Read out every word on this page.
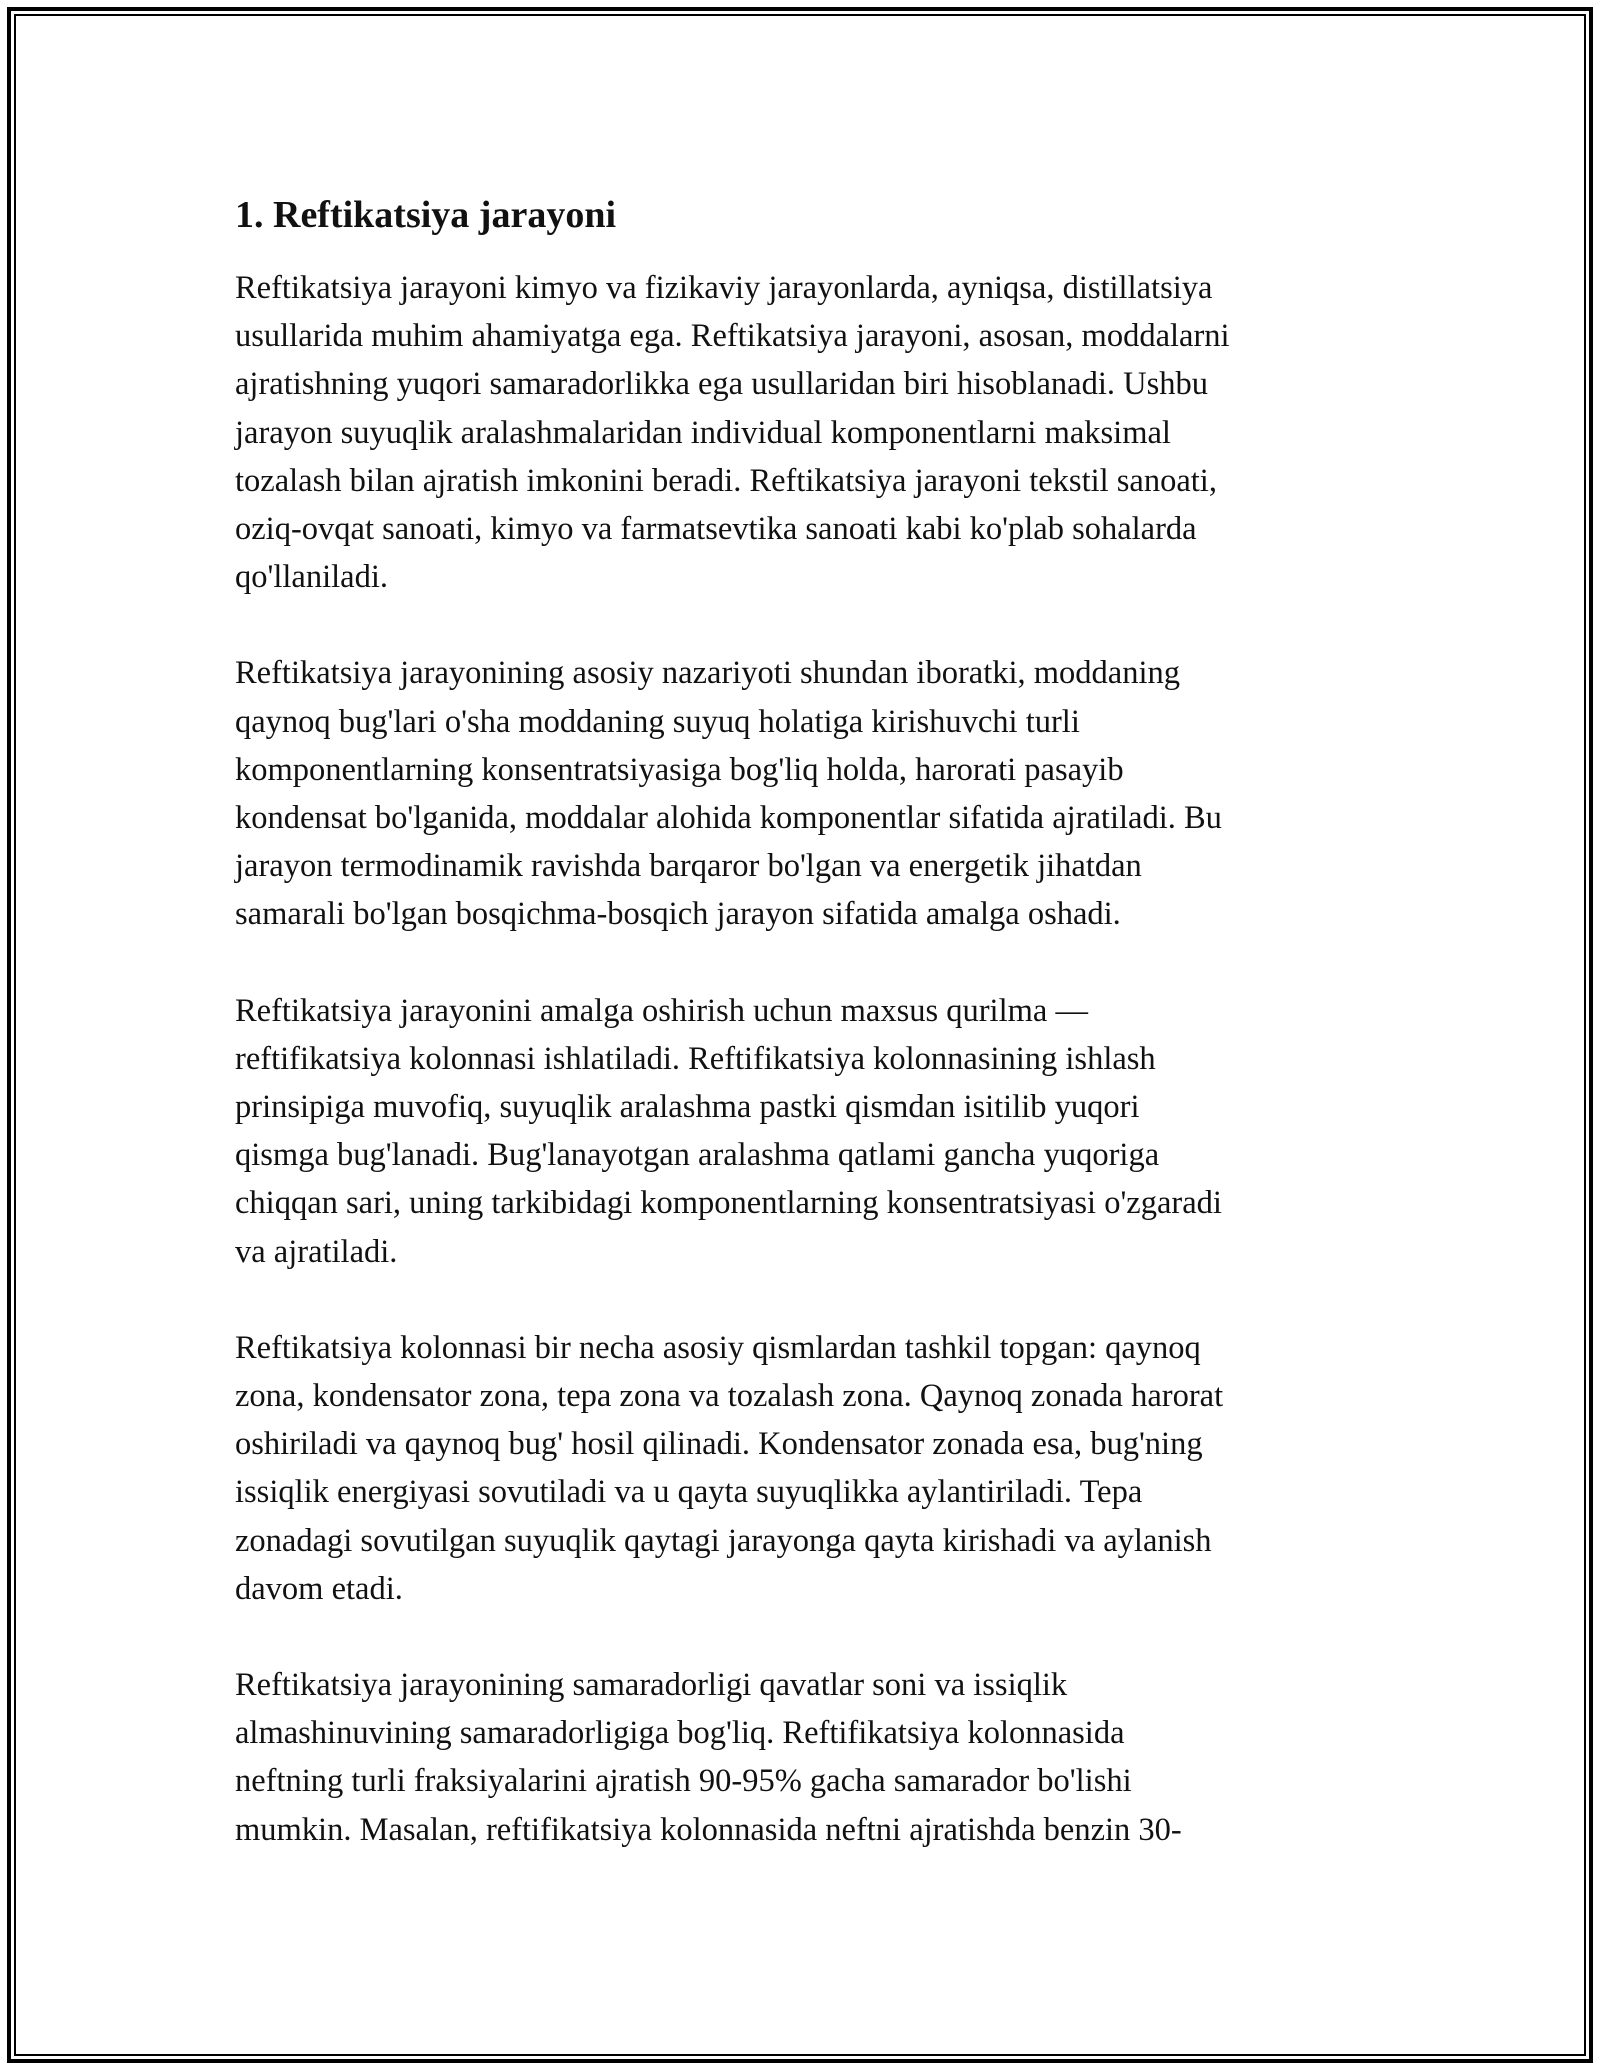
1. Reftikatsiya jarayoni

Reftikatsiya jarayoni kimyo va fizikaviy jarayonlarda, ayniqsa, distillatsiya
usullarida muhim ahamiyatga ega. Reftikatsiya jarayoni, asosan, moddalarni
ajratishning yuqori samaradorlikka ega usullaridan biri hisoblanadi. Ushbu
jarayon suyuqlik aralashmalaridan individual komponentlarni maksimal
tozalash bilan ajratish imkonini beradi. Reftikatsiya jarayoni tekstil sanoati,
oziq-ovqat sanoati, kimyo va farmatsevtika sanoati kabi ko'plab sohalarda
qo'llaniladi.

Reftikatsiya jarayonining asosiy nazariyoti shundan iboratki, moddaning
qaynoq bug'lari o'sha moddaning suyuq holatiga kirishuvchi turli
komponentlarning konsentratsiyasiga bog'liq holda, harorati pasayib
kondensat bo'lganida, moddalar alohida komponentlar sifatida ajratiladi. Bu
jarayon termodinamik ravishda barqaror bo'lgan va energetik jihatdan
samarali bo'lgan bosqichma-bosqich jarayon sifatida amalga oshadi.

Reftikatsiya jarayonini amalga oshirish uchun maxsus qurilma —
reftifikatsiya kolonnasi ishlatiladi. Reftifikatsiya kolonnasining ishlash
prinsipiga muvofiq, suyuqlik aralashma pastki qismdan isitilib yuqori
qismga bug'lanadi. Bug'lanayotgan aralashma qatlami gancha yuqoriga
chiqqan sari, uning tarkibidagi komponentlarning konsentratsiyasi o'zgaradi
va ajratiladi.

Reftikatsiya kolonnasi bir necha asosiy qismlardan tashkil topgan: qaynoq
zona, kondensator zona, tepa zona va tozalash zona. Qaynoq zonada harorat
oshiriladi va qaynoq bug' hosil qilinadi. Kondensator zonada esa, bug'ning
issiqlik energiyasi sovutiladi va u qayta suyuqlikka aylantiriladi. Tepa
zonadagi sovutilgan suyuqlik qaytagi jarayonga qayta kirishadi va aylanish
davom etadi.

Reftikatsiya jarayonining samaradorligi qavatlar soni va issiqlik
almashinuvining samaradorligiga bog'liq. Reftifikatsiya kolonnasida
neftning turli fraksiyalarini ajratish 90-95% gacha samarador bo'lishi
mumkin. Masalan, reftifikatsiya kolonnasida neftni ajratishda benzin 30-
